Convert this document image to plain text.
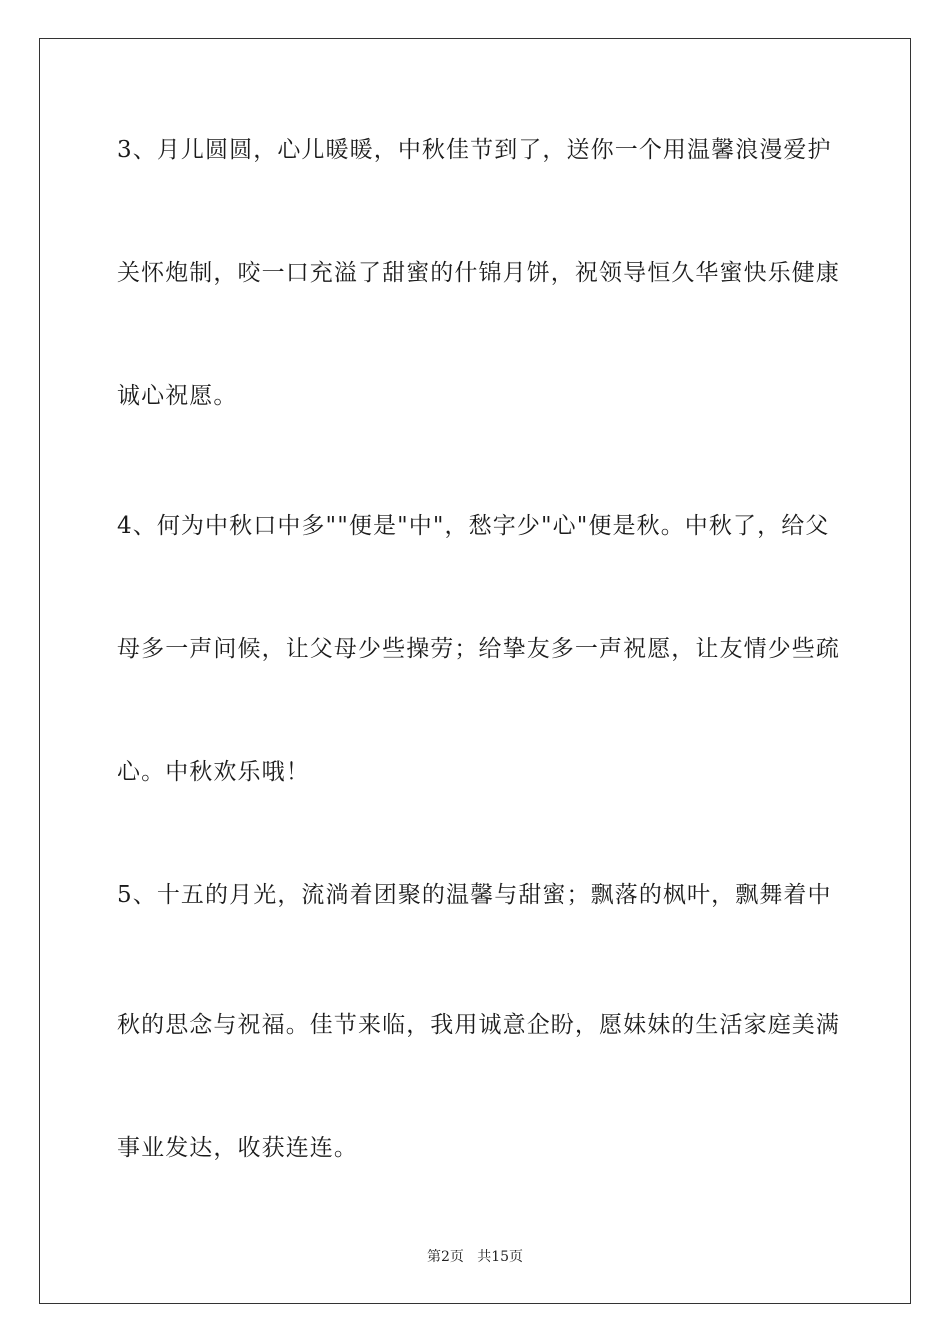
3、月儿圆圆，心儿暖暖，中秋佳节到了，送你一个用温馨浪漫爱护
关怀炮制，咬一口充溢了甜蜜的什锦月饼，祝领导恒久华蜜快乐健康
诚心祝愿。
4、何为中秋口中多""便是"中"，愁字少"心"便是秋。中秋了，给父
母多一声问候，让父母少些操劳；给挚友多一声祝愿，让友情少些疏
心。中秋欢乐哦！
5、十五的月光，流淌着团聚的温馨与甜蜜；飘落的枫叶，飘舞着中
秋的思念与祝福。佳节来临，我用诚意企盼，愿妹妹的生活家庭美满
事业发达，收获连连。
第2页   共15页
